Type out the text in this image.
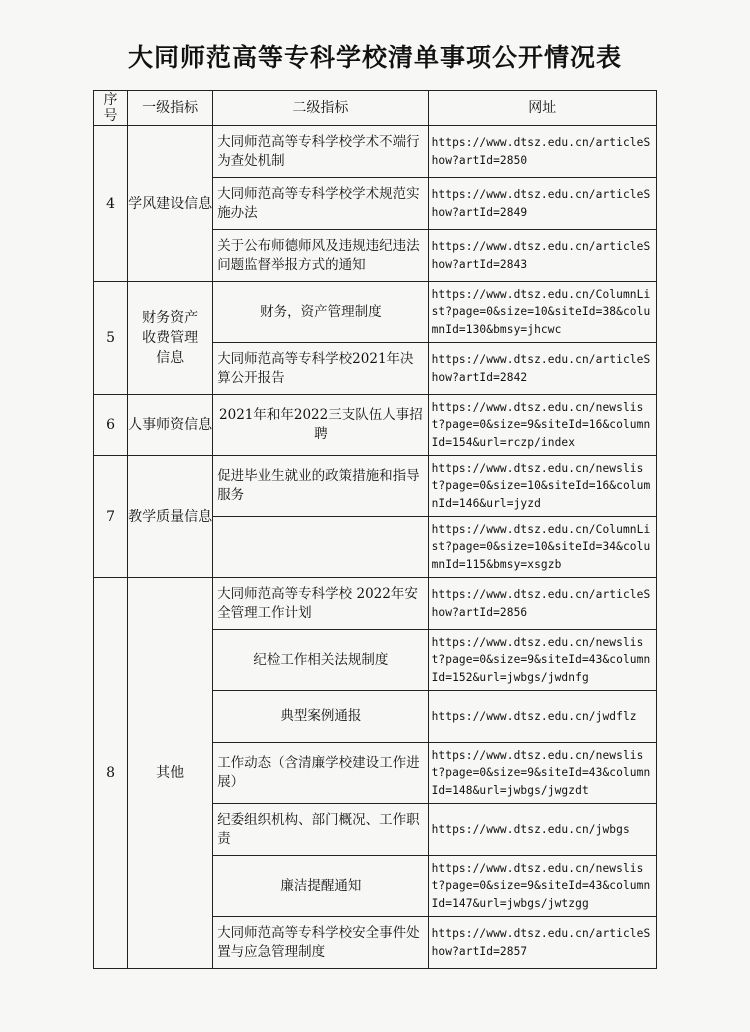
大同师范高等专科学校清单事项公开情况表
序号	一级指标	二级指标	网址
4	学风建设信息	大同师范高等专科学校学术不端行为查处机制	https://www.dtsz.edu.cn/articleShow?artId=2850
		大同师范高等专科学校学术规范实施办法	https://www.dtsz.edu.cn/articleShow?artId=2849
		关于公布师德师风及违规违纪违法问题监督举报方式的通知	https://www.dtsz.edu.cn/articleShow?artId=2843
5	财务资产收费管理信息	财务，资产管理制度	https://www.dtsz.edu.cn/ColumnList?page=0&size=10&siteId=38&columnId=130&bmsy=jhcwc
		大同师范高等专科学校2021年决算公开报告	https://www.dtsz.edu.cn/articleShow?artId=2842
6	人事师资信息	2021年和年2022三支队伍人事招聘	https://www.dtsz.edu.cn/newslist?page=0&size=9&siteId=16&columnId=154&url=rczp/index
7	教学质量信息	促进毕业生就业的政策措施和指导服务	https://www.dtsz.edu.cn/newslist?page=0&size=10&siteId=16&columnId=146&url=jyzd
			https://www.dtsz.edu.cn/ColumnList?page=0&size=10&siteId=34&columnId=115&bmsy=xsgzb
8	其他	大同师范高等专科学校 2022年安全管理工作计划	https://www.dtsz.edu.cn/articleShow?artId=2856
		纪检工作相关法规制度	https://www.dtsz.edu.cn/newslist?page=0&size=9&siteId=43&columnId=152&url=jwbgs/jwdnfg
		典型案例通报	https://www.dtsz.edu.cn/jwdflz
		工作动态（含清廉学校建设工作进展）	https://www.dtsz.edu.cn/newslist?page=0&size=9&siteId=43&columnId=148&url=jwbgs/jwgzdt
		纪委组织机构、部门概况、工作职责	https://www.dtsz.edu.cn/jwbgs
		廉洁提醒通知	https://www.dtsz.edu.cn/newslist?page=0&size=9&siteId=43&columnId=147&url=jwbgs/jwtzgg
		大同师范高等专科学校安全事件处置与应急管理制度	https://www.dtsz.edu.cn/articleShow?artId=2857
